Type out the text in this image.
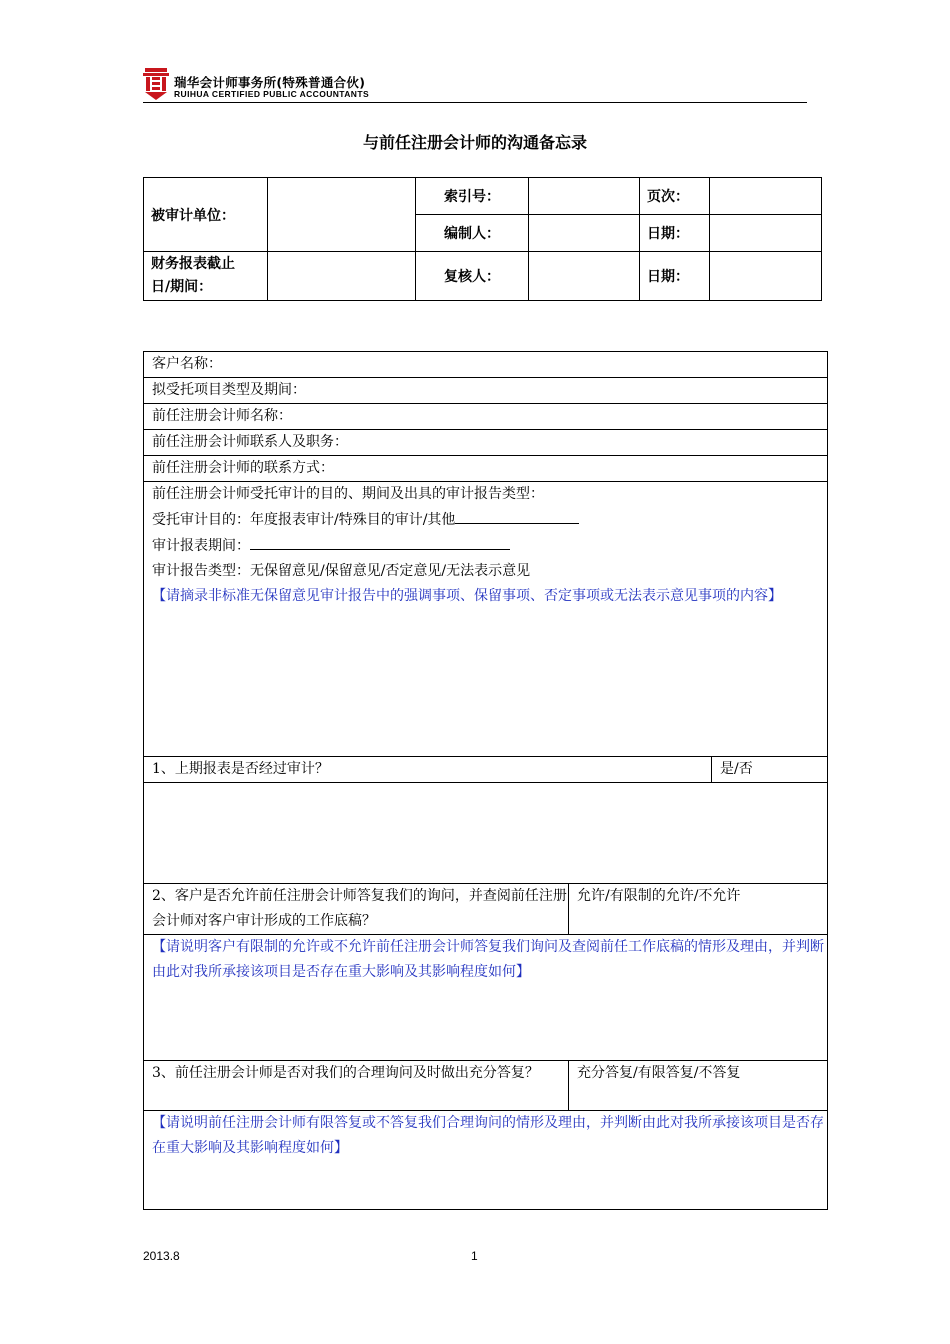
瑞华会计师事务所(特殊普通合伙)
RUIHUA CERTIFIED PUBLIC ACCOUNTANTS
与前任注册会计师的沟通备忘录
被审计单位：		索引号：		页次：	
		编制人：		日期：	
财务报表截止
日/期间：		复核人：		日期：	
客户名称：		
拟受托项目类型及期间：		
前任注册会计师名称：		
前任注册会计师联系人及职务：		
前任注册会计师的联系方式：		

前任注册会计师受托审计的目的、期间及出具的审计报告类型：
受托审计目的：年度报表审计/特殊目的审计/其他
审计报表期间：
审计报告类型：无保留意见/保留意见/否定意见/无法表示意见
【请摘录非标准无保留意见审计报告中的强调事项、保留事项、否定事项或无法表示意见事项的内容】		

1、上期报表是否经过审计？		是/否

2、客户是否允许前任注册会计师答复我们的询问，并查阅前任注册会计师对客户审计形成的工作底稿？	允许/有限制的允许/不允许	
【请说明客户有限制的允许或不允许前任注册会计师答复我们询问及查阅前任工作底稿的情形及理由，并判断由此对我所承接该项目是否存在重大影响及其影响程度如何】		
3、前任注册会计师是否对我们的合理询问及时做出充分答复？	充分答复/有限答复/不答复	
【请说明前任注册会计师有限答复或不答复我们合理询问的情形及理由，并判断由此对我所承接该项目是否存在重大影响及其影响程度如何】		
2013.8	1
